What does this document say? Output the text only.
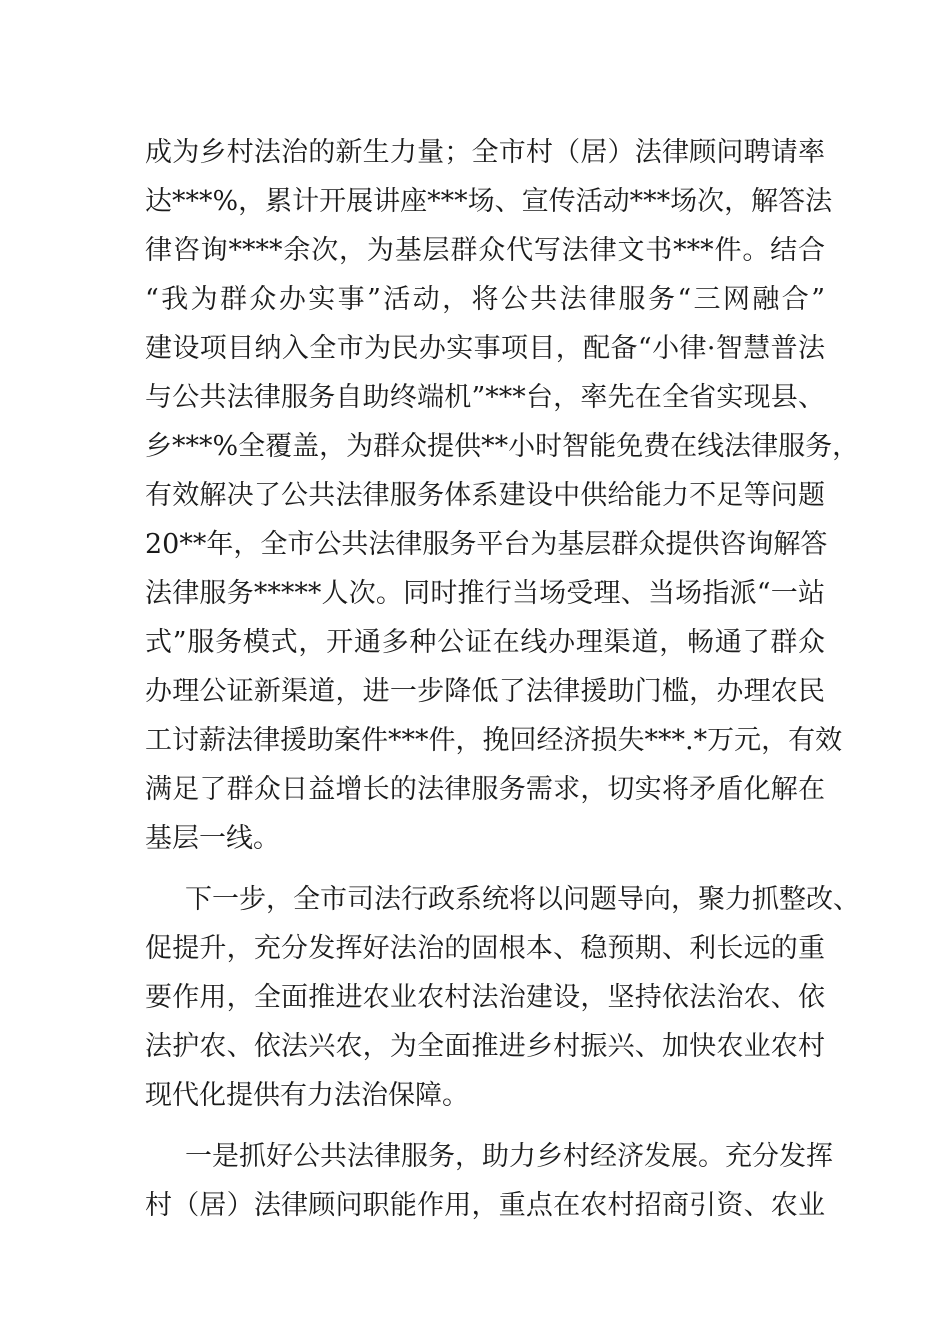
成为乡村法治的新生力量；全市村（居）法律顾问聘请率
达***%，累计开展讲座***场、宣传活动***场次，解答法
律咨询****余次，为基层群众代写法律文书***件。结合
“我为群众办实事”活动，将公共法律服务“三网融合”
建设项目纳入全市为民办实事项目，配备“小律·智慧普法
与公共法律服务自助终端机”***台，率先在全省实现县、
乡***%全覆盖，为群众提供**小时智能免费在线法律服务，
有效解决了公共法律服务体系建设中供给能力不足等问题
20**年，全市公共法律服务平台为基层群众提供咨询解答
法律服务*****人次。同时推行当场受理、当场指派“一站
式”服务模式，开通多种公证在线办理渠道，畅通了群众
办理公证新渠道，进一步降低了法律援助门槛，办理农民
工讨薪法律援助案件***件，挽回经济损失***.*万元，有效
满足了群众日益增长的法律服务需求，切实将矛盾化解在
基层一线。
下一步，全市司法行政系统将以问题导向，聚力抓整改、
促提升，充分发挥好法治的固根本、稳预期、利长远的重
要作用，全面推进农业农村法治建设，坚持依法治农、依
法护农、依法兴农，为全面推进乡村振兴、加快农业农村
现代化提供有力法治保障。
一是抓好公共法律服务，助力乡村经济发展。充分发挥
村（居）法律顾问职能作用，重点在农村招商引资、农业
